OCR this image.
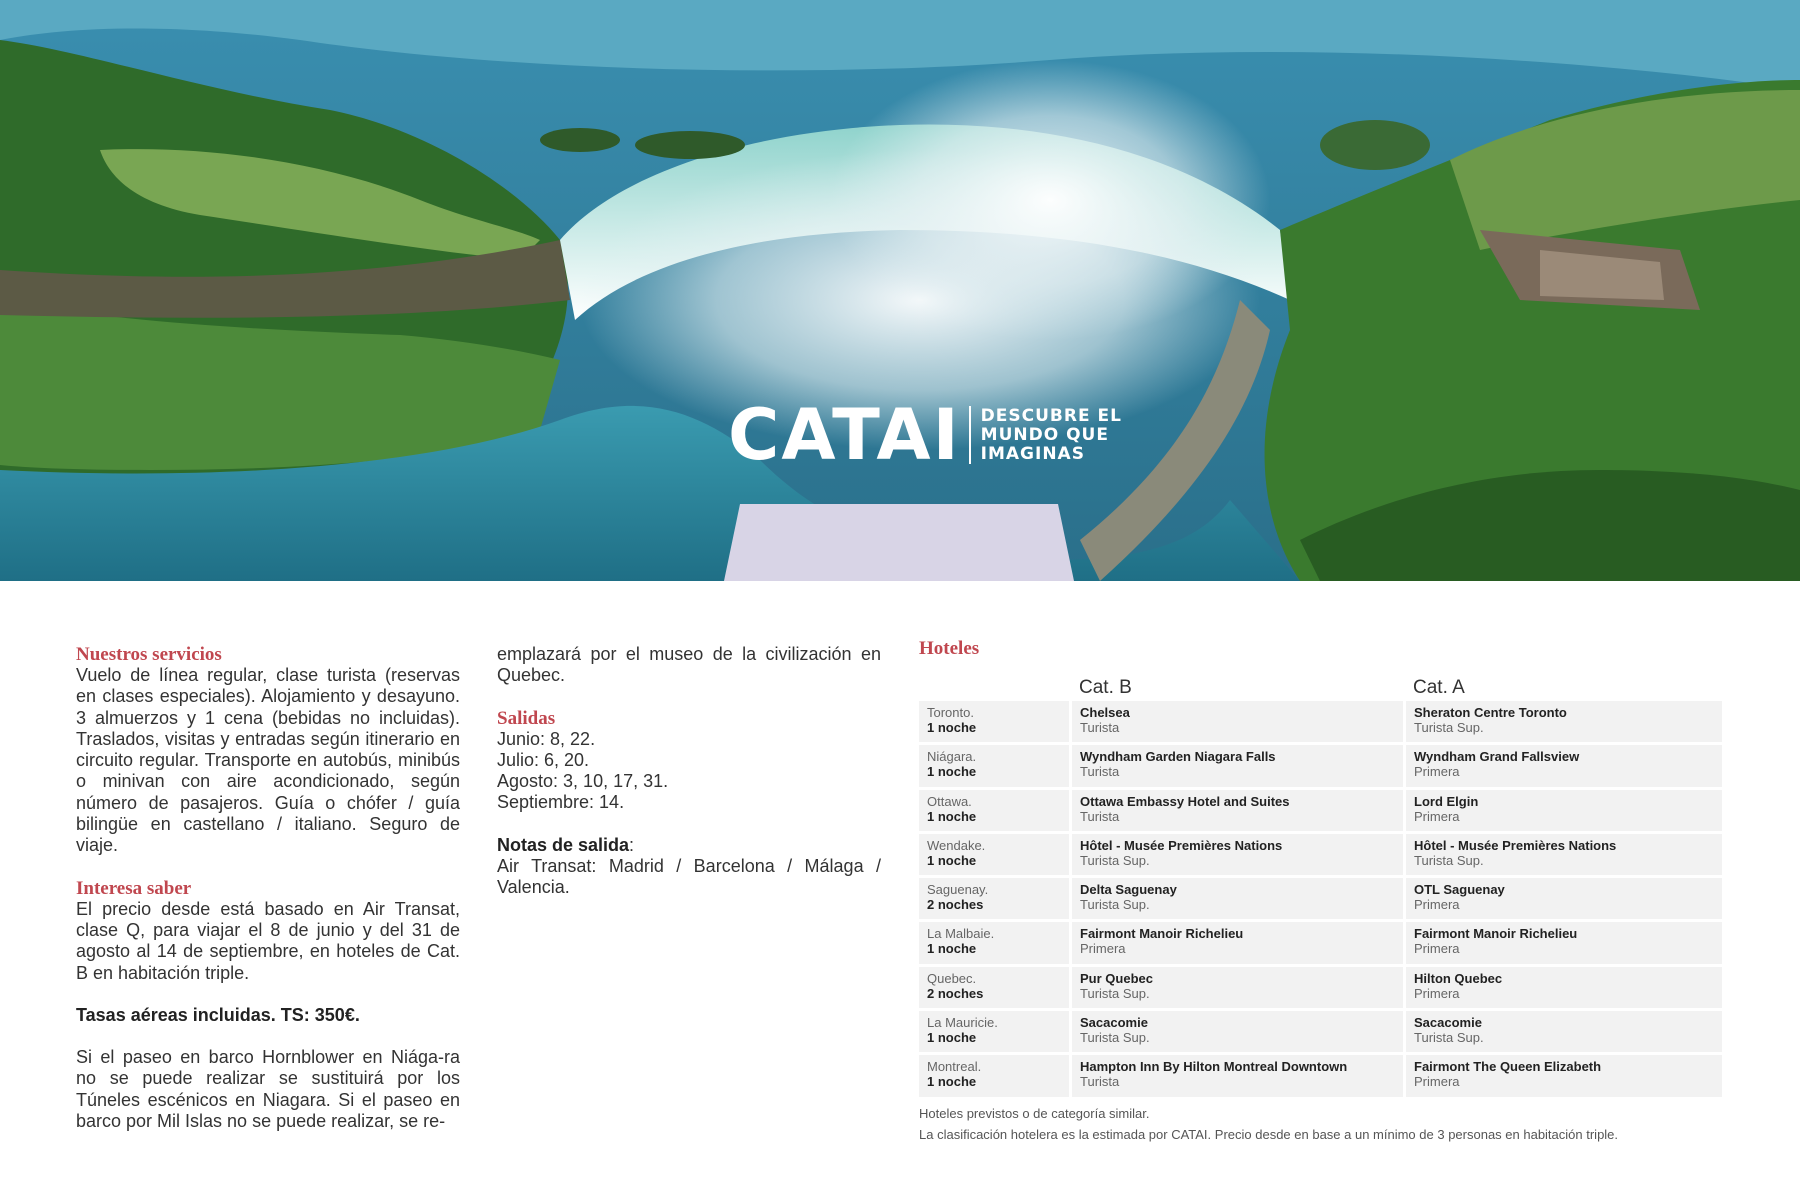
CATAI DESCUBRE EL
MUNDO QUE
IMAGINAS
Nuestros servicios
Vuelo de línea regular, clase turista (reservas en clases especiales). Alojamiento y desayuno. 3 almuerzos y 1 cena (bebidas no incluidas). Traslados, visitas y entradas según itinerario en circuito regular. Transporte en autobús, minibús o minivan con aire acondicionado, según número de pasajeros. Guía o chófer / guía bilingüe en castellano / italiano. Seguro de viaje.
Interesa saber
El precio desde está basado en Air Transat, clase Q, para viajar el 8 de junio y del 31 de agosto al 14 de septiembre, en hoteles de Cat. B en habitación triple.
Tasas aéreas incluidas. TS: 350€.
Si el paseo en barco Hornblower en Niága-ra no se puede realizar se sustituirá por los Túneles escénicos en Niagara. Si el paseo en barco por Mil Islas no se puede realizar, se re-
emplazará por el museo de la civilización en Quebec.
Salidas
Junio: 8, 22.
Julio: 6, 20.
Agosto: 3, 10, 17, 31.
Septiembre: 14.
Notas de salida:
Air Transat: Madrid / Barcelona / Málaga / Valencia.
Hoteles
Cat. B	Cat. A
Toronto.
1 noche
Chelsea
Turista
Sheraton Centre Toronto
Turista Sup.
Niágara.
1 noche
Wyndham Garden Niagara Falls
Turista
Wyndham Grand Fallsview
Primera
Ottawa.
1 noche
Ottawa Embassy Hotel and Suites
Turista
Lord Elgin
Primera
Wendake.
1 noche
Hôtel - Musée Premières Nations
Turista Sup.
Hôtel - Musée Premières Nations
Turista Sup.
Saguenay.
2 noches
Delta Saguenay
Turista Sup.
OTL Saguenay
Primera
La Malbaie.
1 noche
Fairmont Manoir Richelieu
Primera
Fairmont Manoir Richelieu
Primera
Quebec.
2 noches
Pur Quebec
Turista Sup.
Hilton Quebec
Primera
La Mauricie.
1 noche
Sacacomie
Turista Sup.
Sacacomie
Turista Sup.
Montreal.
1 noche
Hampton Inn By Hilton Montreal Downtown
Turista
Fairmont The Queen Elizabeth
Primera
Hoteles previstos o de categoría similar.
La clasificación hotelera es la estimada por CATAI. Precio desde en base a un mínimo de 3 personas en habitación triple.
